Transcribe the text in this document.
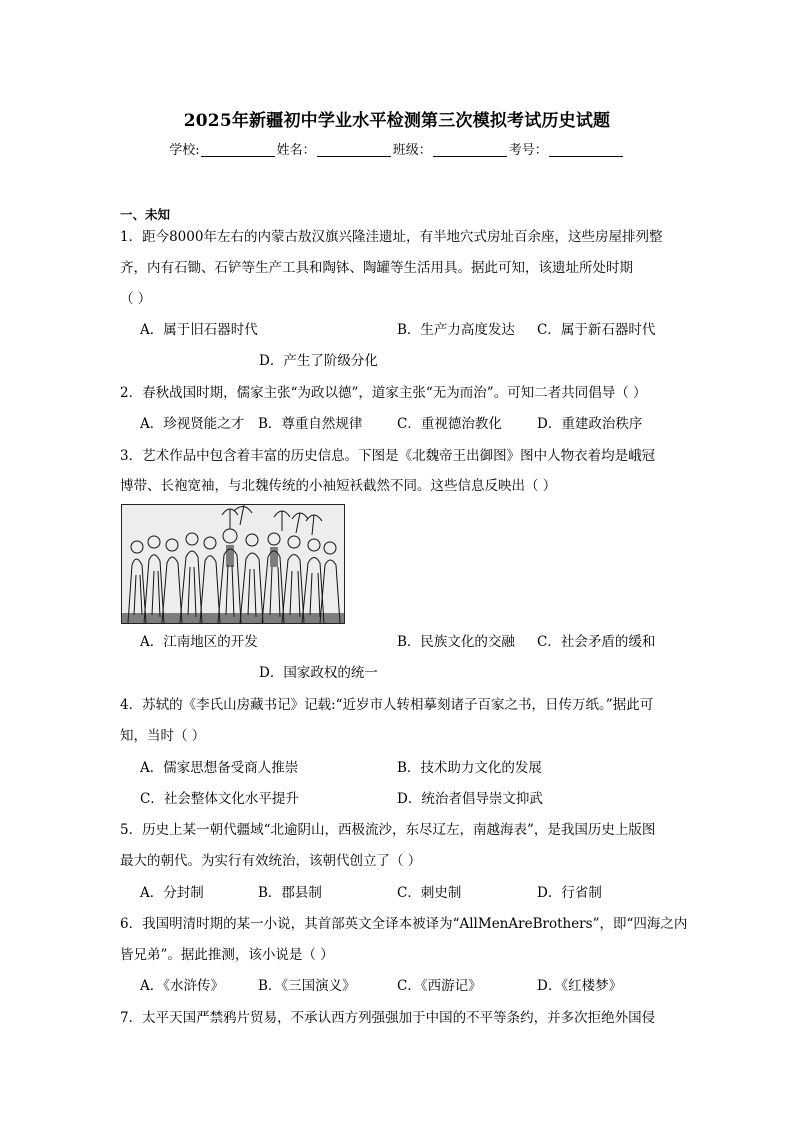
2025年新疆初中学业水平检测第三次模拟考试历史试题
学校:	姓名：	班级：	考号：
一、未知
1．距今8000年左右的内蒙古敖汉旗兴隆洼遗址，有半地穴式房址百余座，这些房屋排列整
齐，内有石锄、石铲等生产工具和陶钵、陶罐等生活用具。据此可知，该遗址所处时期
（ ）
A．属于旧石器时代	B．生产力高度发达 C．属于新石器时代
D．产生了阶级分化
2．春秋战国时期，儒家主张“为政以德”，道家主张“无为而治”。可知二者共同倡导（ ）
A．珍视贤能之才 B．尊重自然规律	C．重视德治教化	D．重建政治秩序
3．艺术作品中包含着丰富的历史信息。下图是《北魏帝王出御图》图中人物衣着均是峨冠
博带、长袍宽袖，与北魏传统的小袖短袄截然不同。这些信息反映出（ ）
A．江南地区的开发	B．民族文化的交融 C．社会矛盾的缓和
D．国家政权的统一
4．苏轼的《李氏山房藏书记》记载:“近岁市人转相摹刻诸子百家之书，日传万纸。”据此可
知，当时（ ）
A．儒家思想备受商人推崇	B．技术助力文化的发展
C．社会整体文化水平提升	D．统治者倡导崇文抑武
5．历史上某一朝代疆域“北逾阴山，西极流沙，东尽辽左，南越海表”，是我国历史上版图
最大的朝代。为实行有效统治，该朝代创立了（ ）
A．分封制	B．郡县制	C．刺史制	D．行省制
6．我国明清时期的某一小说，其首部英文全译本被译为“AllMenAreBrothers”，即“四海之内
皆兄弟”。据此推测，该小说是（ ）
A．《水浒传》	B．《三国演义》	C．《西游记》	D．《红楼梦》
7．太平天国严禁鸦片贸易，不承认西方列强强加于中国的不平等条约，并多次拒绝外国侵
